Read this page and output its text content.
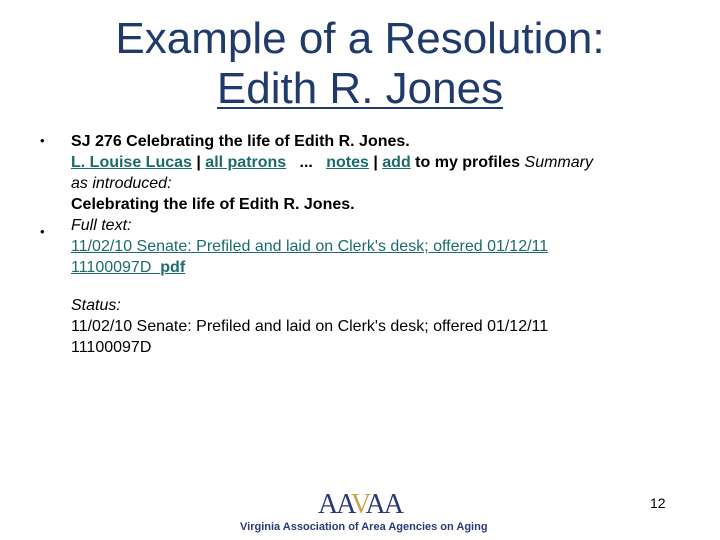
Example of a Resolution:
Edith R. Jones
•
•
SJ 276 Celebrating the life of Edith R. Jones.
L. Louise Lucas | all patrons   ...   notes | add to my profiles Summary
as introduced:
Celebrating the life of Edith R. Jones.
Full text:
11/02/10 Senate: Prefiled and laid on Clerk's desk; offered 01/12/11
11100097D pdf
Status:
11/02/10 Senate: Prefiled and laid on Clerk's desk; offered 01/12/11
11100097D
AAVAA
Virginia Association of Area Agencies on Aging
12
